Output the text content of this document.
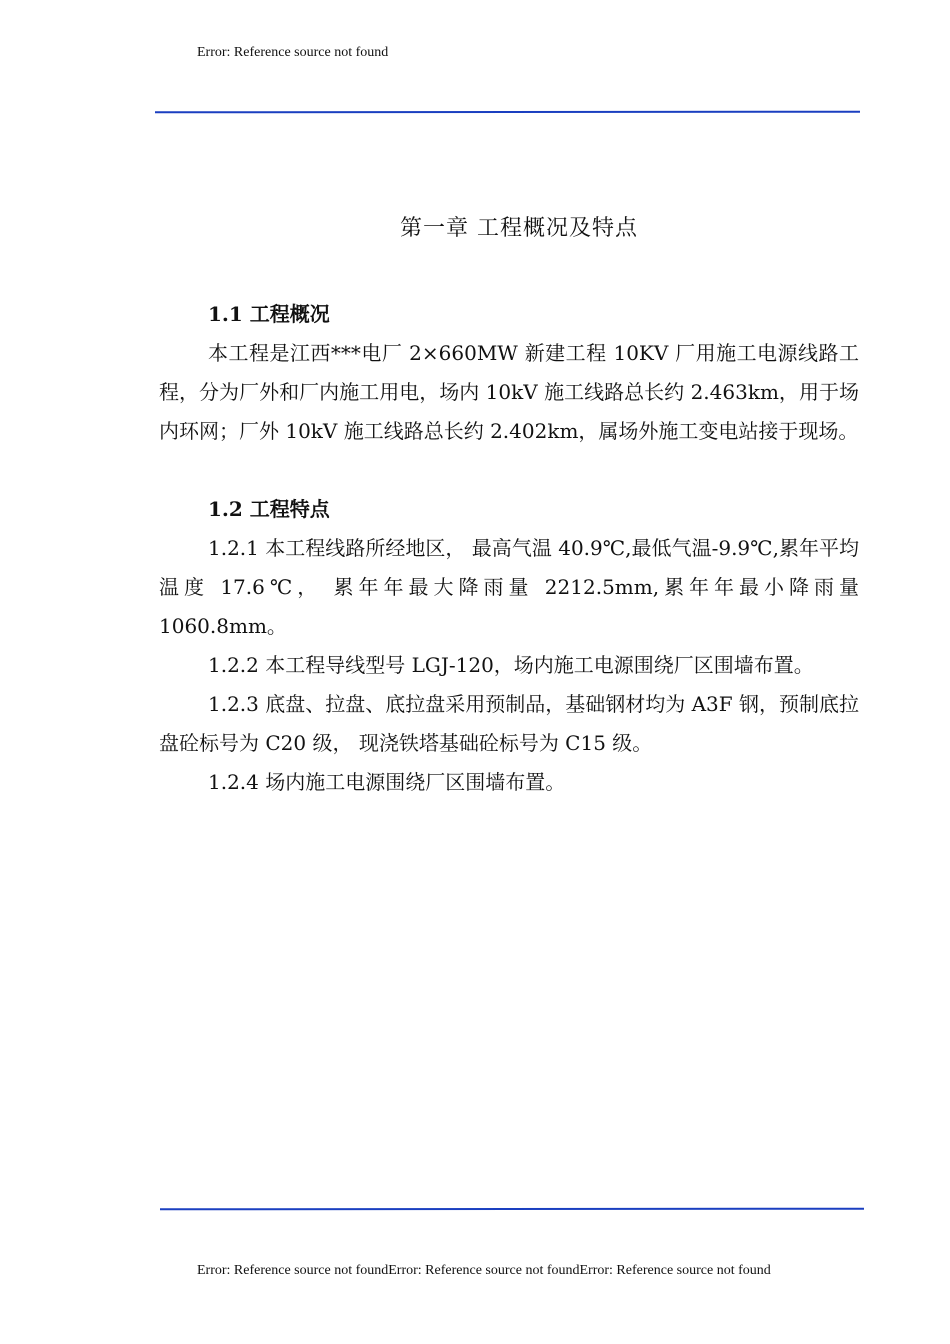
Error: Reference source not found
第一章 工程概况及特点

1.1 工程概况

本工程是江西***电厂 2×660MW 新建工程 10KV 厂用施工电源线路工程，分为厂外和厂内施工用电，场内 10kV 施工线路总长约 2.463km，用于场内环网；厂外 10kV 施工线路总长约 2.402km，属场外施工变电站接于现场。

1.2 工程特点

1.2.1 本工程线路所经地区， 最高气温 40.9℃,最低气温-9.9℃,累年平均温度 17.6℃， 累年年最大降雨量 2212.5mm,累年年最小降雨量 1060.8mm。

1.2.2 本工程导线型号 LGJ-120，场内施工电源围绕厂区围墙布置。

1.2.3 底盘、拉盘、底拉盘采用预制品，基础钢材均为 A3F 钢，预制底拉盘砼标号为 C20 级， 现浇铁塔基础砼标号为 C15 级。

1.2.4 场内施工电源围绕厂区围墙布置。

Error: Reference source not foundError: Reference source not foundError: Reference source not found
